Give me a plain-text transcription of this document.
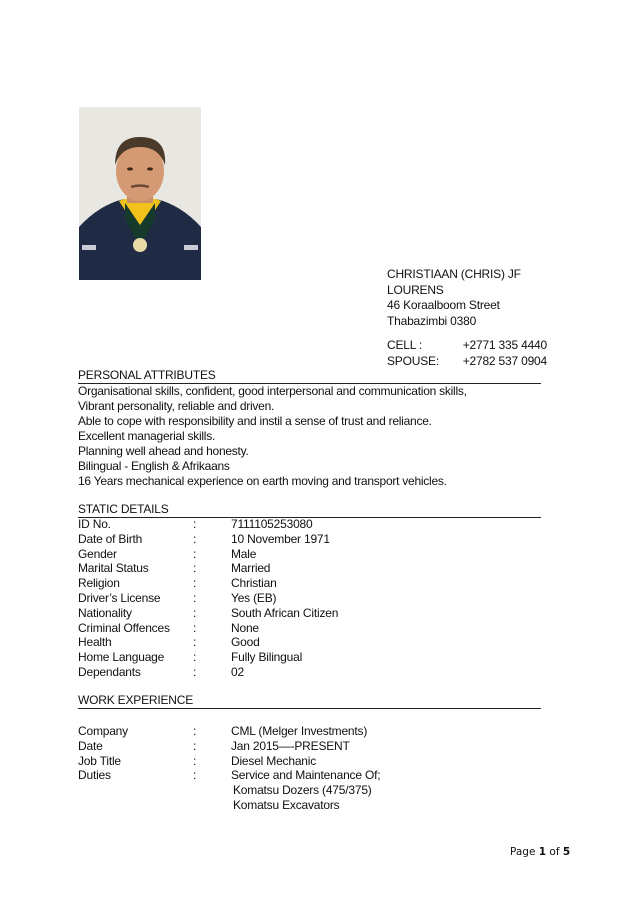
CHRISTIAAN (CHRIS) JF
LOURENS
46 Koraalboom Street
Thabazimbi 0380
CELL :	+2771 335 4440
SPOUSE: +2782 537 0904
PERSONAL ATTRIBUTES
Organisational skills, confident, good interpersonal and communication skills,
Vibrant personality, reliable and driven.
Able to cope with responsibility and instil a sense of trust and reliance.
Excellent managerial skills.
Planning well ahead and honesty.
Bilingual - English & Afrikaans
16 Years mechanical experience on earth moving and transport vehicles.
STATIC DETAILS
ID No.	:	7111105253080
Date of Birth	:	10 November 1971
Gender	:	Male
Marital Status	:	Married
Religion	:	Christian
Driver’s License	:	Yes (EB)
Nationality	:	South African Citizen
Criminal Offences	:	None
Health	:	Good
Home Language	:	Fully Bilingual
Dependants	:	02
WORK EXPERIENCE
Company	:	CML (Melger Investments)
Date	:	Jan 2015—-PRESENT
Job Title	:	Diesel Mechanic
Duties	:	Service and Maintenance Of;
Komatsu Dozers (475/375)
Komatsu Excavators
Page 1 of 5
